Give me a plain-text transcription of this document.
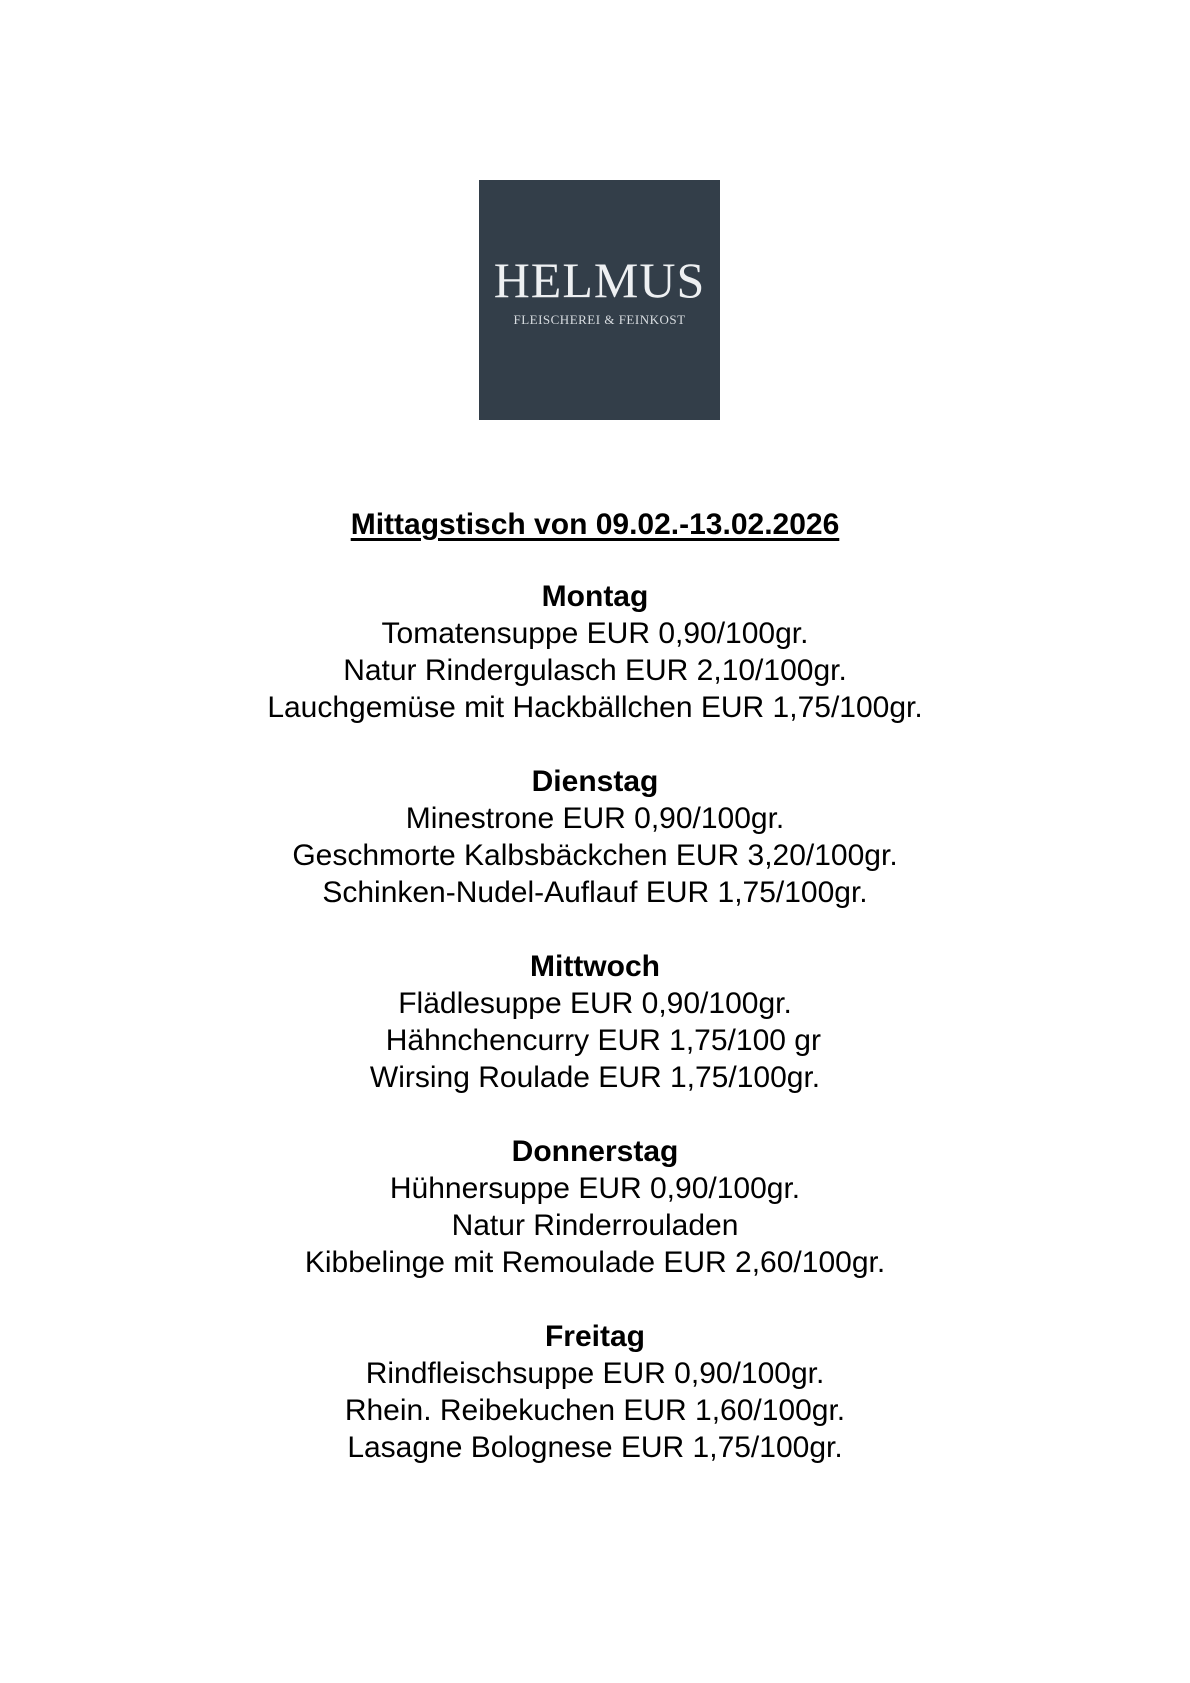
HELMUS
FLEISCHEREI & FEINKOST
Mittagstisch von 09.02.-13.02.2026
Montag
Tomatensuppe EUR 0,90/100gr.
Natur Rindergulasch EUR 2,10/100gr.
Lauchgemüse mit Hackbällchen EUR 1,75/100gr.
Dienstag
Minestrone EUR 0,90/100gr.
Geschmorte Kalbsbäckchen EUR 3,20/100gr.
Schinken-Nudel-Auflauf EUR 1,75/100gr.
Mittwoch
Flädlesuppe EUR 0,90/100gr.
Hähnchencurry EUR 1,75/100 gr
Wirsing Roulade EUR 1,75/100gr.
Donnerstag
Hühnersuppe EUR 0,90/100gr.
Natur Rinderrouladen
Kibbelinge mit Remoulade EUR 2,60/100gr.
Freitag
Rindfleischsuppe EUR 0,90/100gr.
Rhein. Reibekuchen EUR 1,60/100gr.
Lasagne Bolognese EUR 1,75/100gr.
